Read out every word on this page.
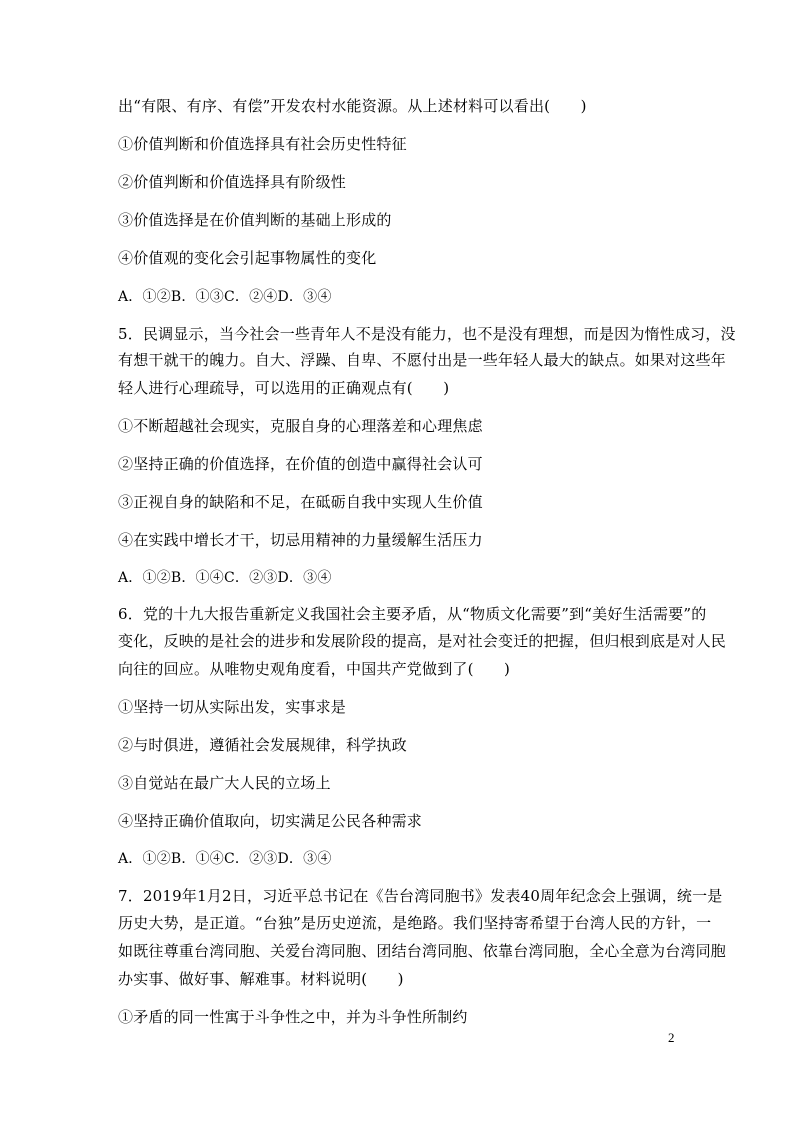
出“有限、有序、有偿”开发农村水能资源。从上述材料可以看出(　　)
①价值判断和价值选择具有社会历史性特征
②价值判断和价值选择具有阶级性
③价值选择是在价值判断的基础上形成的
④价值观的变化会引起事物属性的变化
A．①②B．①③C．②④D．③④
5．民调显示，当今社会一些青年人不是没有能力，也不是没有理想，而是因为惰性成习，没
有想干就干的魄力。自大、浮躁、自卑、不愿付出是一些年轻人最大的缺点。如果对这些年
轻人进行心理疏导，可以选用的正确观点有(　　)
①不断超越社会现实，克服自身的心理落差和心理焦虑
②坚持正确的价值选择，在价值的创造中赢得社会认可
③正视自身的缺陷和不足，在砥砺自我中实现人生价值
④在实践中增长才干，切忌用精神的力量缓解生活压力
A．①②B．①④C．②③D．③④
6．党的十九大报告重新定义我国社会主要矛盾，从“物质文化需要”到“美好生活需要”的
变化，反映的是社会的进步和发展阶段的提高，是对社会变迁的把握，但归根到底是对人民
向往的回应。从唯物史观角度看，中国共产党做到了(　　)
①坚持一切从实际出发，实事求是
②与时俱进，遵循社会发展规律，科学执政
③自觉站在最广大人民的立场上
④坚持正确价值取向，切实满足公民各种需求
A．①②B．①④C．②③D．③④
7．2019年1月2日，习近平总书记在《告台湾同胞书》发表40周年纪念会上强调，统一是
历史大势，是正道。“台独”是历史逆流，是绝路。我们坚持寄希望于台湾人民的方针，一
如既往尊重台湾同胞、关爱台湾同胞、团结台湾同胞、依靠台湾同胞，全心全意为台湾同胞
办实事、做好事、解难事。材料说明(　　)
①矛盾的同一性寓于斗争性之中，并为斗争性所制约
2
